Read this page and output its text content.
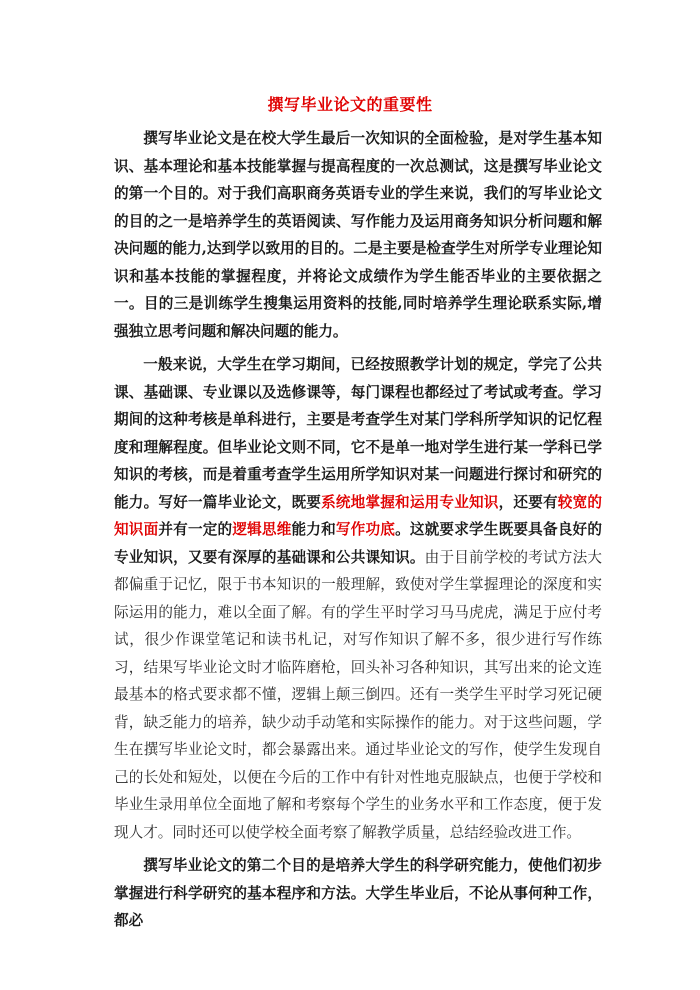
撰写毕业论文的重要性

撰写毕业论文是在校大学生最后一次知识的全面检验，是对学生基本知识、基本理论和基本技能掌握与提高程度的一次总测试，这是撰写毕业论文的第一个目的。对于我们高职商务英语专业的学生来说，我们的写毕业论文的目的之一是培养学生的英语阅读、写作能力及运用商务知识分析问题和解决问题的能力,达到学以致用的目的。二是主要是检查学生对所学专业理论知识和基本技能的掌握程度，并将论文成绩作为学生能否毕业的主要依据之一。目的三是训练学生搜集运用资料的技能,同时培养学生理论联系实际,增强独立思考问题和解决问题的能力。

一般来说，大学生在学习期间，已经按照教学计划的规定，学完了公共课、基础课、专业课以及选修课等，每门课程也都经过了考试或考查。学习期间的这种考核是单科进行，主要是考查学生对某门学科所学知识的记忆程度和理解程度。但毕业论文则不同，它不是单一地对学生进行某一学科已学知识的考核，而是着重考查学生运用所学知识对某一问题进行探讨和研究的能力。写好一篇毕业论文，既要系统地掌握和运用专业知识，还要有较宽的知识面并有一定的逻辑思维能力和写作功底。这就要求学生既要具备良好的专业知识，又要有深厚的基础课和公共课知识。由于目前学校的考试方法大都偏重于记忆，限于书本知识的一般理解，致使对学生掌握理论的深度和实际运用的能力，难以全面了解。有的学生平时学习马马虎虎，满足于应付考试，很少作课堂笔记和读书札记，对写作知识了解不多，很少进行写作练习，结果写毕业论文时才临阵磨枪，回头补习各种知识，其写出来的论文连最基本的格式要求都不懂，逻辑上颠三倒四。还有一类学生平时学习死记硬背，缺乏能力的培养，缺少动手动笔和实际操作的能力。对于这些问题，学生在撰写毕业论文时，都会暴露出来。通过毕业论文的写作，使学生发现自己的长处和短处，以便在今后的工作中有针对性地克服缺点，也便于学校和毕业生录用单位全面地了解和考察每个学生的业务水平和工作态度，便于发现人才。同时还可以使学校全面考察了解教学质量，总结经验改进工作。

撰写毕业论文的第二个目的是培养大学生的科学研究能力，使他们初步掌握进行科学研究的基本程序和方法。大学生毕业后，不论从事何种工作，都必
